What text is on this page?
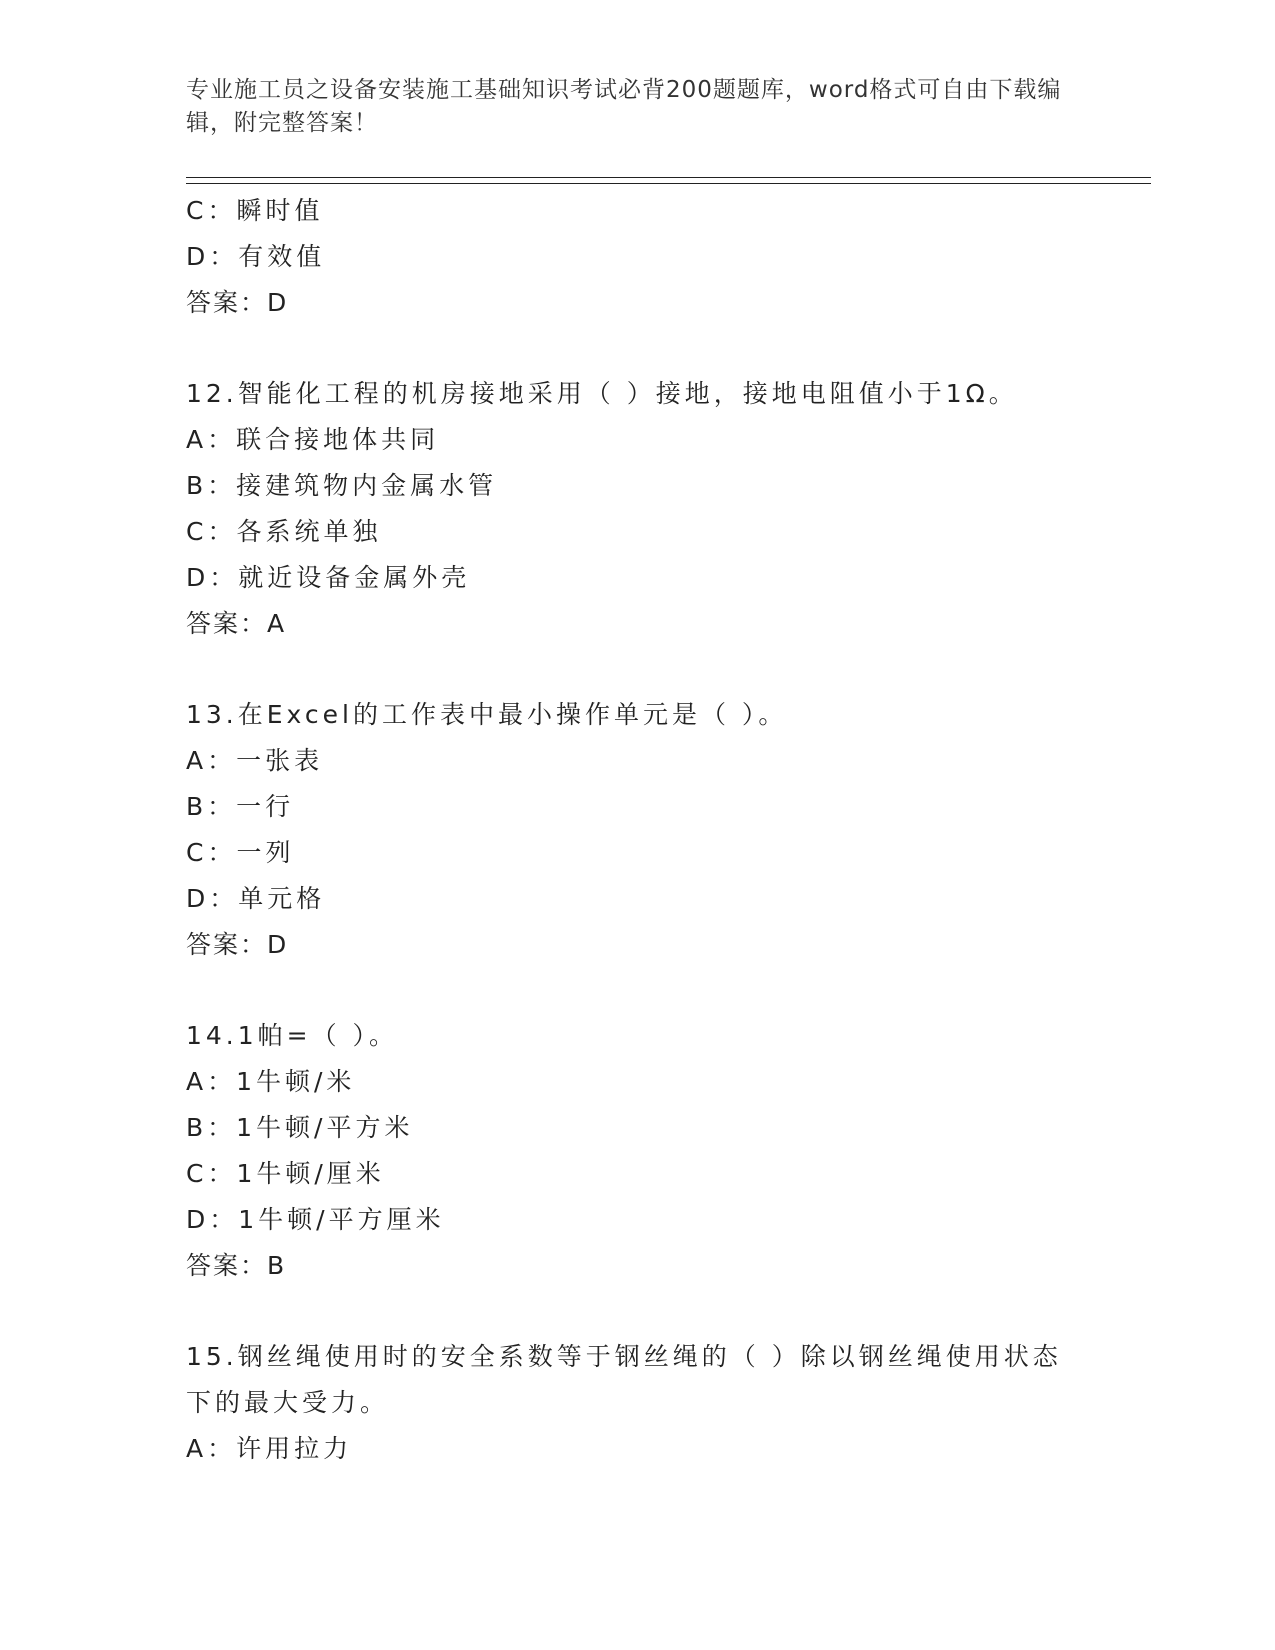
专业施工员之设备安装施工基础知识考试必背200题题库，word格式可自由下载编辑，附完整答案！
C：瞬时值
D：有效值
答案：D
12.智能化工程的机房接地采用（ ）接地，接地电阻值小于1Ω。
A：联合接地体共同
B：接建筑物内金属水管
C：各系统单独
D：就近设备金属外壳
答案：A
13.在Excel的工作表中最小操作单元是（ ）。
A：一张表
B：一行
C：一列
D：单元格
答案：D
14.1帕=（ ）。
A：1牛顿/米
B：1牛顿/平方米
C：1牛顿/厘米
D：1牛顿/平方厘米
答案：B
15.钢丝绳使用时的安全系数等于钢丝绳的（ ）除以钢丝绳使用状态下的最大受力。
A：许用拉力
